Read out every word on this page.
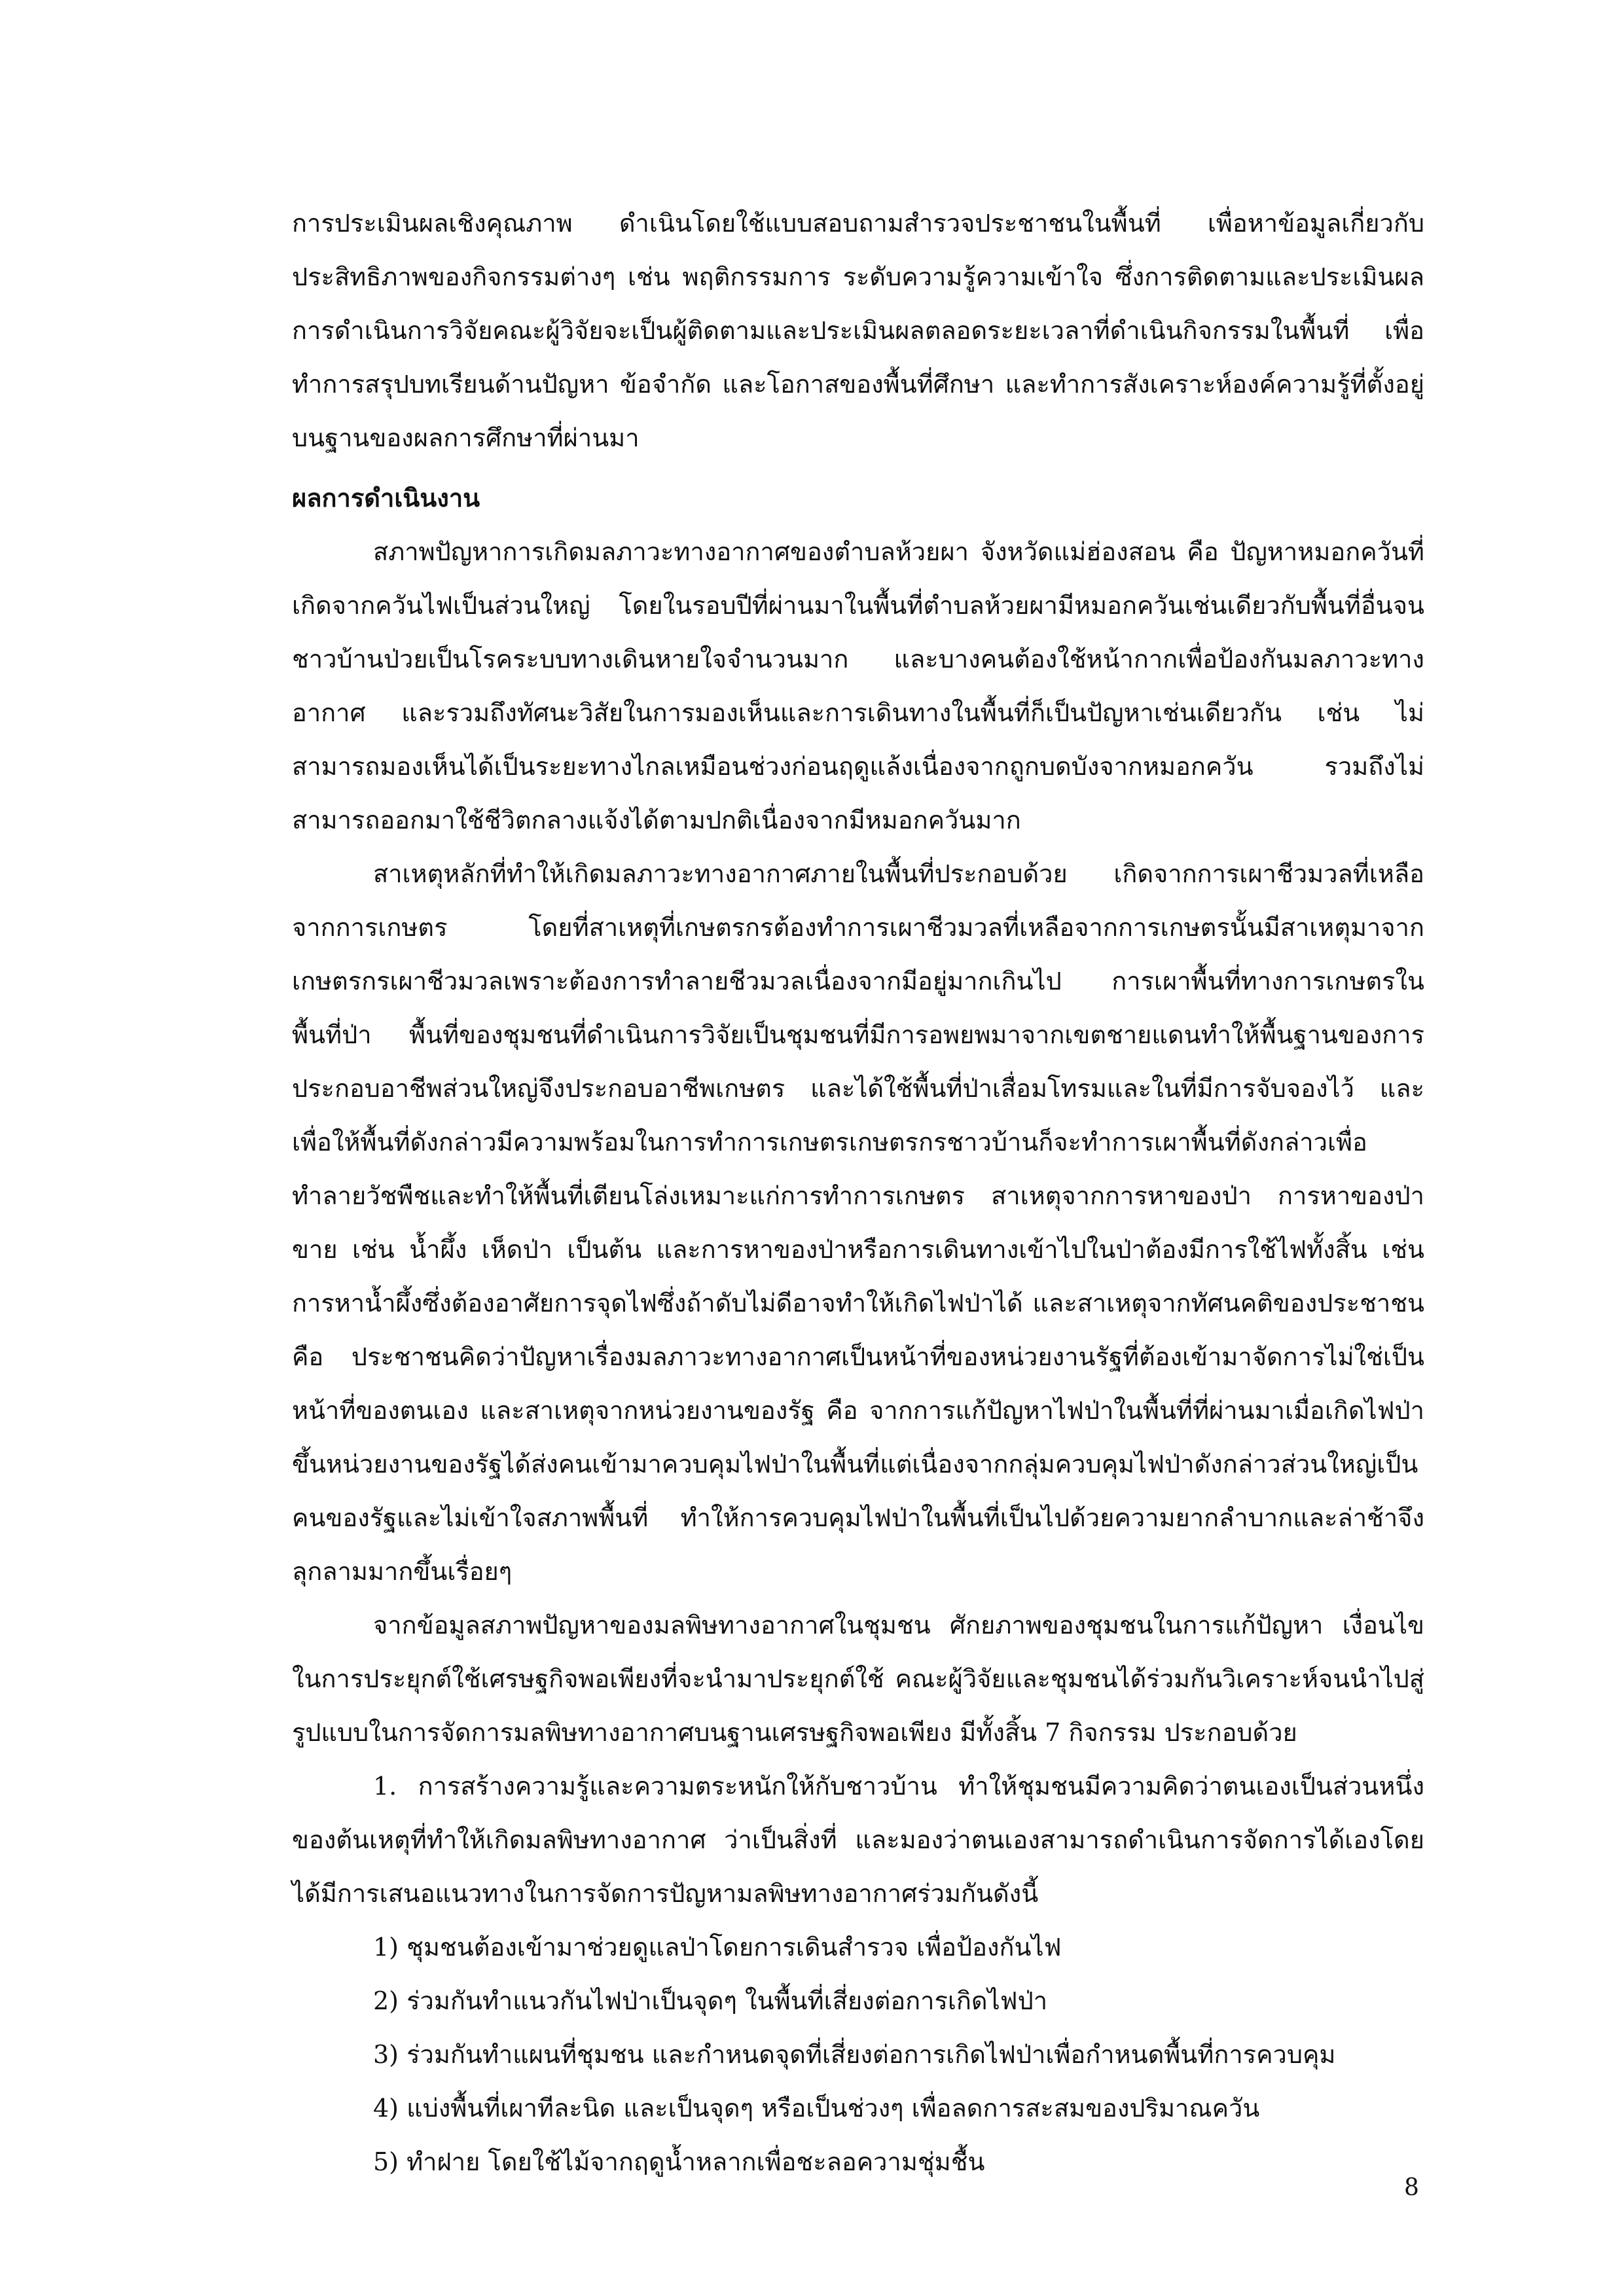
การประเมินผลเชิงคุณภาพ ดำเนินโดยใช้แบบสอบถามสำรวจประชาชนในพื้นที่ เพื่อหาข้อมูลเกี่ยวกับประสิทธิภาพของกิจกรรมต่างๆ เช่น พฤติกรรมการ ระดับความรู้ความเข้าใจ ซึ่งการติดตามและประเมินผลการดำเนินการวิจัยคณะผู้วิจัยจะเป็นผู้ติดตามและประเมินผลตลอดระยะเวลาที่ดำเนินกิจกรรมในพื้นที่ เพื่อทำการสรุปบทเรียนด้านปัญหา ข้อจำกัด และโอกาสของพื้นที่ศึกษา และทำการสังเคราะห์องค์ความรู้ที่ตั้งอยู่บนฐานของผลการศึกษาที่ผ่านมา

ผลการดำเนินงาน

สภาพปัญหาการเกิดมลภาวะทางอากาศของตำบลห้วยผา จังหวัดแม่ฮ่องสอน คือ ปัญหาหมอกควันที่เกิดจากควันไฟเป็นส่วนใหญ่ โดยในรอบปีที่ผ่านมาในพื้นที่ตำบลห้วยผามีหมอกควันเช่นเดียวกับพื้นที่อื่นจนชาวบ้านป่วยเป็นโรคระบบทางเดินหายใจจำนวนมาก และบางคนต้องใช้หน้ากากเพื่อป้องกันมลภาวะทางอากาศ และรวมถึงทัศนะวิสัยในการมองเห็นและการเดินทางในพื้นที่ก็เป็นปัญหาเช่นเดียวกัน เช่น ไม่สามารถมองเห็นได้เป็นระยะทางไกลเหมือนช่วงก่อนฤดูแล้งเนื่องจากถูกบดบังจากหมอกควัน รวมถึงไม่สามารถออกมาใช้ชีวิตกลางแจ้งได้ตามปกติเนื่องจากมีหมอกควันมาก

สาเหตุหลักที่ทำให้เกิดมลภาวะทางอากาศภายในพื้นที่ประกอบด้วย เกิดจากการเผาชีวมวลที่เหลือจากการเกษตร โดยที่สาเหตุที่เกษตรกรต้องทำการเผาชีวมวลที่เหลือจากการเกษตรนั้นมีสาเหตุมาจาก เกษตรกรเผาชีวมวลเพราะต้องการทำลายชีวมวลเนื่องจากมีอยู่มากเกินไป การเผาพื้นที่ทางการเกษตรในพื้นที่ป่า พื้นที่ของชุมชนที่ดำเนินการวิจัยเป็นชุมชนที่มีการอพยพมาจากเขตชายแดนทำให้พื้นฐานของการประกอบอาชีพส่วนใหญ่จึงประกอบอาชีพเกษตร และได้ใช้พื้นที่ป่าเสื่อมโทรมและในที่มีการจับจองไว้ และเพื่อให้พื้นที่ดังกล่าวมีความพร้อมในการทำการเกษตรเกษตรกรชาวบ้านก็จะทำการเผาพื้นที่ดังกล่าวเพื่อทำลายวัชพืชและทำให้พื้นที่เตียนโล่งเหมาะแก่การทำการเกษตร สาเหตุจากการหาของป่า การหาของป่าขาย เช่น น้ำผึ้ง เห็ดป่า เป็นต้น และการหาของป่าหรือการเดินทางเข้าไปในป่าต้องมีการใช้ไฟทั้งสิ้น เช่น การหาน้ำผึ้งซึ่งต้องอาศัยการจุดไฟซึ่งถ้าดับไม่ดีอาจทำให้เกิดไฟป่าได้ และสาเหตุจากทัศนคติของประชาชน คือ ประชาชนคิดว่าปัญหาเรื่องมลภาวะทางอากาศเป็นหน้าที่ของหน่วยงานรัฐที่ต้องเข้ามาจัดการไม่ใช่เป็นหน้าที่ของตนเอง และสาเหตุจากหน่วยงานของรัฐ คือ จากการแก้ปัญหาไฟป่าในพื้นที่ที่ผ่านมาเมื่อเกิดไฟป่าขึ้นหน่วยงานของรัฐได้ส่งคนเข้ามาควบคุมไฟป่าในพื้นที่แต่เนื่องจากกลุ่มควบคุมไฟป่าดังกล่าวส่วนใหญ่เป็นคนของรัฐและไม่เข้าใจสภาพพื้นที่ ทำให้การควบคุมไฟป่าในพื้นที่เป็นไปด้วยความยากลำบากและล่าช้าจึงลุกลามมากขึ้นเรื่อยๆ

จากข้อมูลสภาพปัญหาของมลพิษทางอากาศในชุมชน ศักยภาพของชุมชนในการแก้ปัญหา เงื่อนไขในการประยุกต์ใช้เศรษฐกิจพอเพียงที่จะนำมาประยุกต์ใช้ คณะผู้วิจัยและชุมชนได้ร่วมกันวิเคราะห์จนนำไปสู่รูปแบบในการจัดการมลพิษทางอากาศบนฐานเศรษฐกิจพอเพียง มีทั้งสิ้น 7 กิจกรรม ประกอบด้วย

1. การสร้างความรู้และความตระหนักให้กับชาวบ้าน ทำให้ชุมชนมีความคิดว่าตนเองเป็นส่วนหนึ่งของต้นเหตุที่ทำให้เกิดมลพิษทางอากาศ ว่าเป็นสิ่งที่ และมองว่าตนเองสามารถดำเนินการจัดการได้เองโดยได้มีการเสนอแนวทางในการจัดการปัญหามลพิษทางอากาศร่วมกันดังนี้

1) ชุมชนต้องเข้ามาช่วยดูแลป่าโดยการเดินสำรวจ เพื่อป้องกันไฟ

2) ร่วมกันทำแนวกันไฟป่าเป็นจุดๆ ในพื้นที่เสี่ยงต่อการเกิดไฟป่า

3) ร่วมกันทำแผนที่ชุมชน และกำหนดจุดที่เสี่ยงต่อการเกิดไฟป่าเพื่อกำหนดพื้นที่การควบคุม

4) แบ่งพื้นที่เผาทีละนิด และเป็นจุดๆ หรือเป็นช่วงๆ เพื่อลดการสะสมของปริมาณควัน

5) ทำฝาย โดยใช้ไม้จากฤดูน้ำหลากเพื่อชะลอความชุ่มชื้น

8
